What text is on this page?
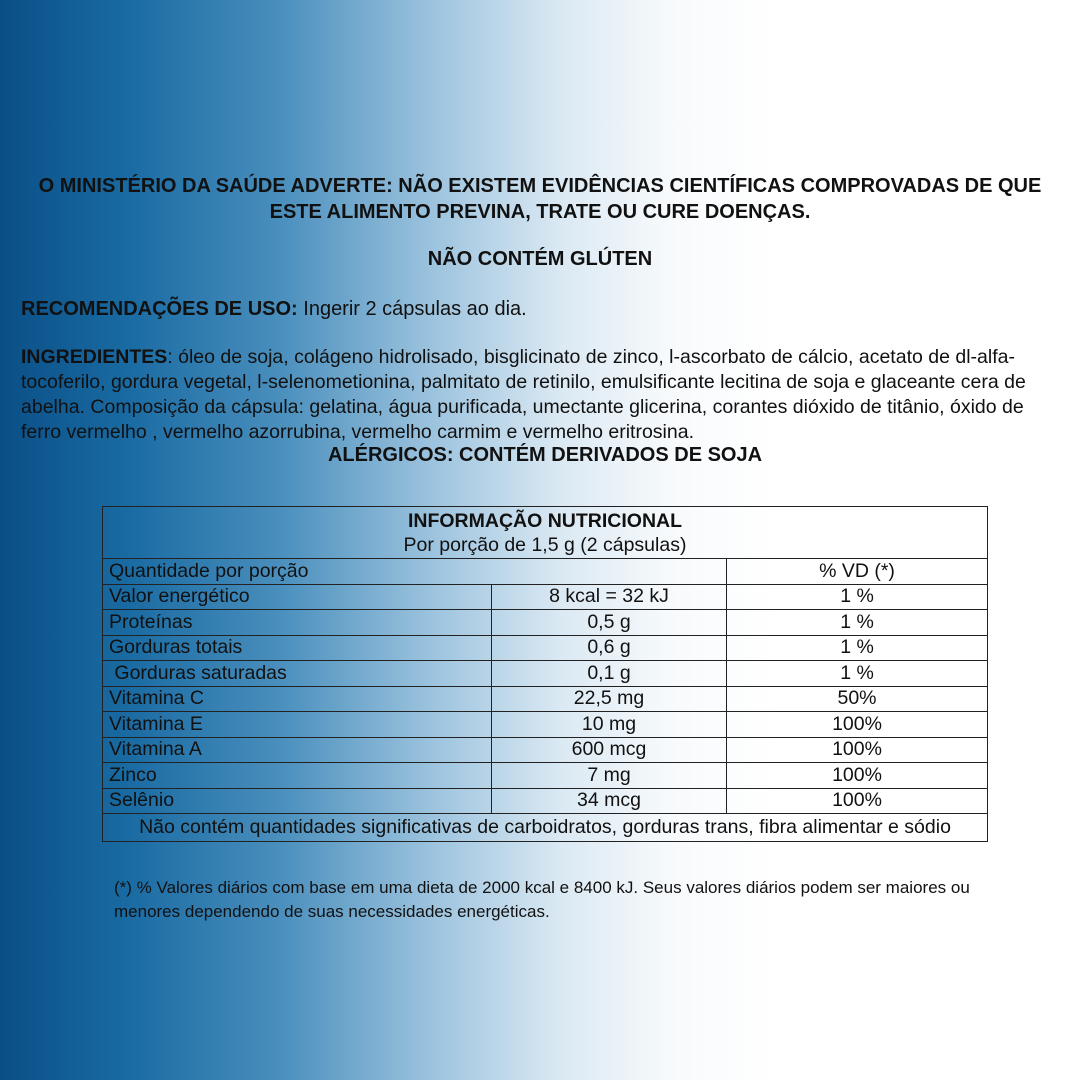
O MINISTÉRIO DA SAÚDE ADVERTE: NÃO EXISTEM EVIDÊNCIAS CIENTÍFICAS COMPROVADAS DE QUE ESTE ALIMENTO PREVINA, TRATE OU CURE DOENÇAS.
NÃO CONTÉM GLÚTEN
RECOMENDAÇÕES DE USO: Ingerir 2 cápsulas ao dia.
INGREDIENTES: óleo de soja, colágeno hidrolisado, bisglicinato de zinco, l-ascorbato de cálcio, acetato de dl-alfa-tocoferilo, gordura vegetal, l-selenometionina, palmitato de retinilo, emulsificante lecitina de soja e glaceante cera de abelha. Composição da cápsula: gelatina, água purificada, umectante glicerina, corantes dióxido de titânio, óxido de ferro vermelho , vermelho azorrubina, vermelho carmim e vermelho eritrosina.
ALÉRGICOS: CONTÉM DERIVADOS DE SOJA
INFORMAÇÃO NUTRICIONAL
Por porção de 1,5 g (2 cápsulas)		

Quantidade por porção		% VD (*)
Valor energético	8 kcal = 32 kJ	1 %
Proteínas	0,5 g	1 %
Gorduras totais	0,6 g	1 %
Gorduras saturadas	0,1 g	1 %
Vitamina C	22,5 mg	50%
Vitamina E	10 mg	100%
Vitamina A	600 mcg	100%
Zinco	7 mg	100%
Selênio	34 mcg	100%
Não contém quantidades significativas de carboidratos, gorduras trans, fibra alimentar e sódio		
(*) % Valores diários com base em uma dieta de 2000 kcal e 8400 kJ. Seus valores diários podem ser maiores ou menores dependendo de suas necessidades energéticas.
